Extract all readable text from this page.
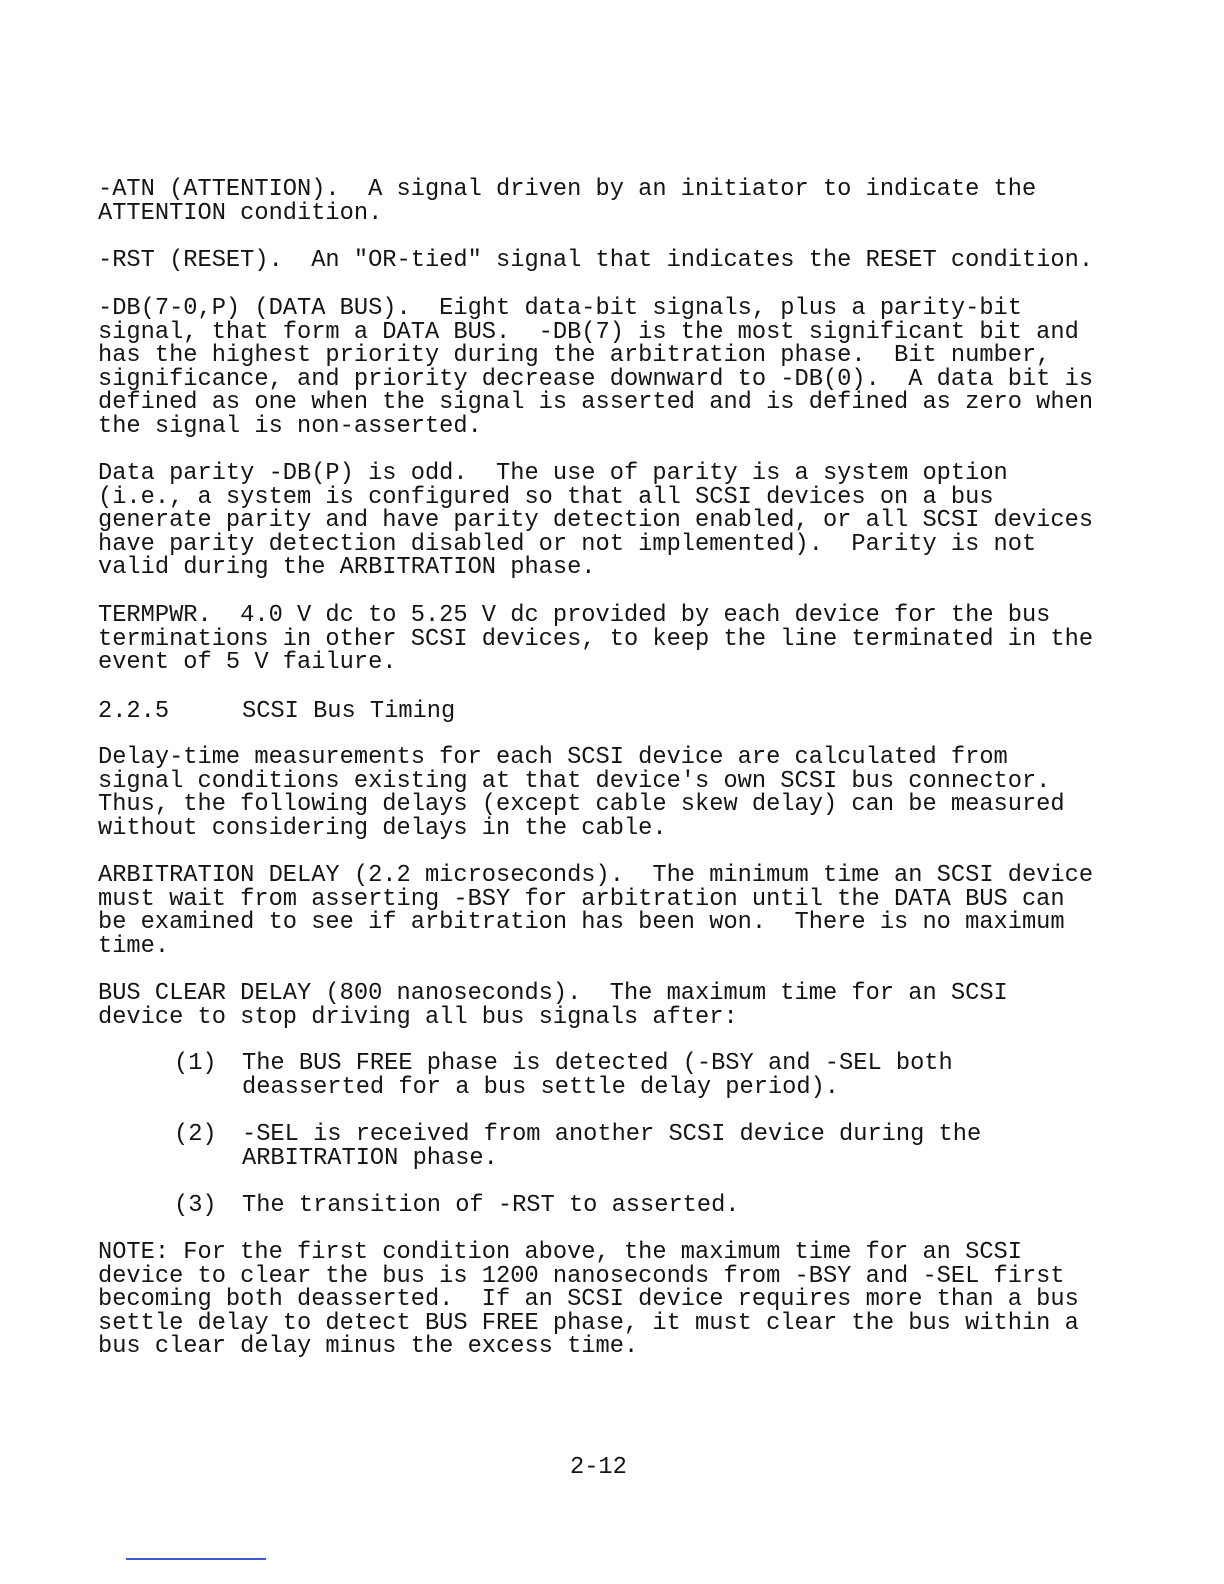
-ATN (ATTENTION).  A signal driven by an initiator to indicate the
ATTENTION condition.

-RST (RESET).  An "OR-tied" signal that indicates the RESET condition.

-DB(7-0,P) (DATA BUS).  Eight data-bit signals, plus a parity-bit
signal, that form a DATA BUS.  -DB(7) is the most significant bit and
has the highest priority during the arbitration phase.  Bit number,
significance, and priority decrease downward to -DB(0).  A data bit is
defined as one when the signal is asserted and is defined as zero when
the signal is non-asserted.

Data parity -DB(P) is odd.  The use of parity is a system option
(i.e., a system is configured so that all SCSI devices on a bus
generate parity and have parity detection enabled, or all SCSI devices
have parity detection disabled or not implemented).  Parity is not
valid during the ARBITRATION phase.

TERMPWR.  4.0 V dc to 5.25 V dc provided by each device for the bus
terminations in other SCSI devices, to keep the line terminated in the
event of 5 V failure.

2.2.5

	SCSI Bus Timing

Delay-time measurements for each SCSI device are calculated from
signal conditions existing at that device's own SCSI bus connector.
Thus, the following delays (except cable skew delay) can be measured
without considering delays in the cable.

ARBITRATION DELAY (2.2 microseconds).  The minimum time an SCSI device
must wait from asserting -BSY for arbitration until the DATA BUS can
be examined to see if arbitration has been won.  There is no maximum
time.

BUS CLEAR DELAY (800 nanoseconds).  The maximum time for an SCSI
device to stop driving all bus signals after:

(1)

The BUS FREE phase is detected (-BSY and -SEL both
deasserted for a bus settle delay period).

(2)

-SEL is received from another SCSI device during the
ARBITRATION phase.

(3)

The transition of -RST to asserted.

NOTE: For the first condition above, the maximum time for an SCSI
device to clear the bus is 1200 nanoseconds from -BSY and -SEL first
becoming both deasserted.  If an SCSI device requires more than a bus
settle delay to detect BUS FREE phase, it must clear the bus within a
bus clear delay minus the excess time.

2-12
